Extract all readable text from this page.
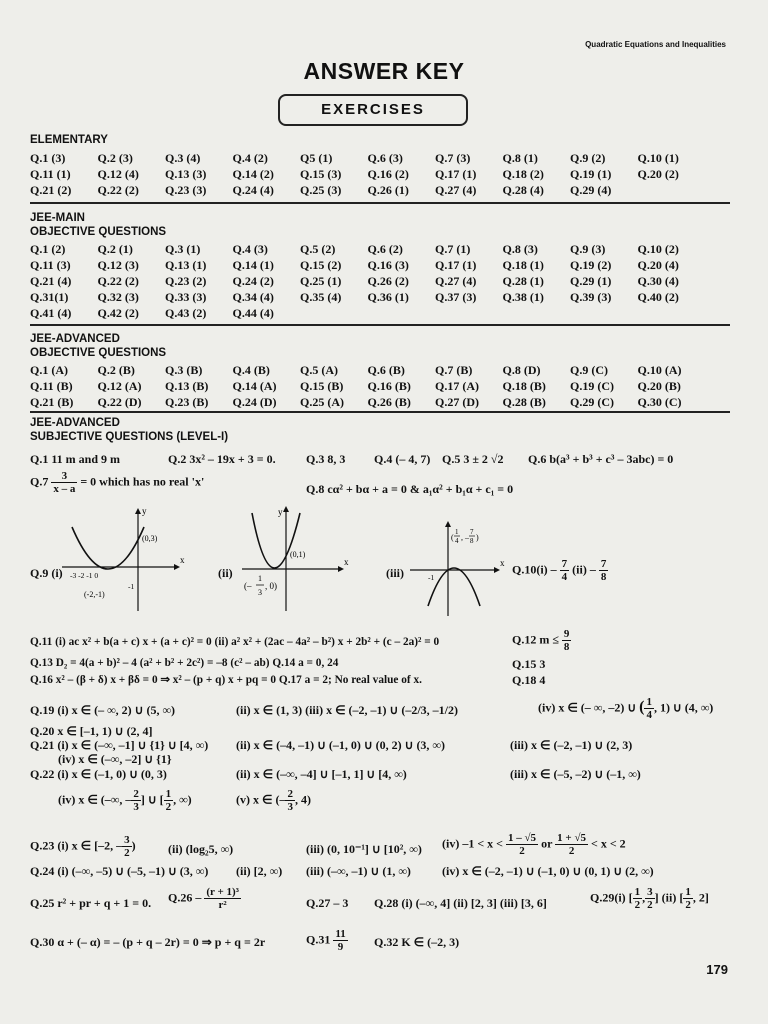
Quadratic Equations and Inequalities
ANSWER KEY
EXERCISES
ELEMENTARY
Q.1 (3)	Q.2 (3)	Q.3 (4)	Q.4 (2)	Q5 (1)	Q.6 (3)	Q.7 (3)	Q.8 (1)	Q.9 (2)	Q.10 (1)
Q.11 (1)	Q.12 (4)	Q.13 (3)	Q.14 (2)	Q.15 (3)	Q.16 (2)	Q.17 (1)	Q.18 (2)	Q.19 (1)	Q.20 (2)
Q.21 (2)	Q.22 (2)	Q.23 (3)	Q.24 (4)	Q.25 (3)	Q.26 (1)	Q.27 (4)	Q.28 (4)	Q.29 (4)
JEE-MAIN
OBJECTIVE QUESTIONS
Q.1 (2)	Q.2 (1)	Q.3 (1)	Q.4 (3)	Q.5 (2)	Q.6 (2)	Q.7 (1)	Q.8 (3)	Q.9 (3)	Q.10 (2)
Q.11 (3)	Q.12 (3)	Q.13 (1)	Q.14 (1)	Q.15 (2)	Q.16 (3)	Q.17 (1)	Q.18 (1)	Q.19 (2)	Q.20 (4)
Q.21 (4)	Q.22 (2)	Q.23 (2)	Q.24 (2)	Q.25 (1)	Q.26 (2)	Q.27 (4)	Q.28 (1)	Q.29 (1)	Q.30 (4)
Q.31(1)	Q.32 (3)	Q.33 (3)	Q.34 (4)	Q.35 (4)	Q.36 (1)	Q.37 (3)	Q.38 (1)	Q.39 (3)	Q.40 (2)
Q.41 (4)	Q.42 (2)	Q.43 (2)	Q.44 (4)
JEE-ADVANCED
OBJECTIVE QUESTIONS
Q.1 (A)	Q.2 (B)	Q.3 (B)	Q.4 (B)	Q.5 (A)	Q.6 (B)	Q.7 (B)	Q.8 (D)	Q.9 (C)	Q.10 (A)
Q.11 (B)	Q.12 (A)	Q.13 (B)	Q.14 (A)	Q.15 (B)	Q.16 (B)	Q.17 (A)	Q.18 (B)	Q.19 (C)	Q.20 (B)
Q.21 (B)	Q.22 (D)	Q.23 (B)	Q.24 (D)	Q.25 (A)	Q.26 (B)	Q.27 (D)	Q.28 (B)	Q.29 (C)	Q.30 (C)
JEE-ADVANCED
SUBJECTIVE QUESTIONS (LEVEL-I)
Q.1 11 m and 9 m	Q.2 3x² – 19x + 3 = 0.	Q.3 8, 3 Q.4 (– 4, 7) Q.5 3 ± 2 √2 Q.6 b(a³ + b³ + c³ – 3abc) = 0
$Q.7 \frac{3}{x - a} = 0$ which has no real 'x'
Q.8 cα² + bα + a = 0 & a₁α² + b₁α + c₁ = 0
Q.9 (i)
x
y
(0,3)
-3 -2 -1 0
-1
(-2,-1)
(ii)
x
y
(0,1)
(–
1
3
, 0)
(iii)
x
-1
(
1
4 , –
7
8 )
$Q.10(i) - \frac{7}{4} (ii) - \frac{7}{8}$
Q.11 (i) ac x² + b(a + c) x + (a + c)² = 0 (ii) a² x² + (2ac – 4a² – b²) x + 2b² + (c – 2a)² = 0	Q.12 $m \le \frac{9}{8}$
Q.13 D₂ = 4(a + b)² – 4 (a² + b² + 2c²) = –8 (c² – ab) Q.14 a = 0, 24	Q.15 3
Q.16 x² – (β + δ) x + βδ = 0 ⇒ x² – (p + q) x + pq = 0 Q.17 a = 2; No real value of x.	Q.18 4
Q.19 (i) x ∈ (– ∞, 2) ∪ (5, ∞)	(ii) x ∈ (1, 3) (iii) x ∈ (–2, –1) ∪ (–2/3, –1/2)	(iv) x ∈ (– ∞, –2) ∪ ( $\frac{1}{4}$ , 1) ∪ (4, ∞)
Q.20 x ∈ [–1, 1) ∪ (2, 4]
Q.21 (i) x ∈ (–∞, –1] ∪ {1} ∪ [4, ∞) (ii) x ∈ (–4, –1) ∪ (–1, 0) ∪ (0, 2) ∪ (3, ∞)	(iii) x ∈ (–2, –1) ∪ (2, 3)
(iv) x ∈ (–∞, –2] ∪ {1}
Q.22 (i) x ∈ (–1, 0) ∪ (0, 3)	(ii) x ∈ (–∞, –4] ∪ [–1, 1] ∪ [4, ∞)	(iii) x ∈ (–5, –2) ∪ (–1, ∞)
(iv) x ∈ (–∞, – $\frac{2}{3}$ ] ∪ [ $\frac{1}{2}$ , ∞)	(v) x ∈ (– $\frac{2}{3}$ , 4)
Q.23 (i) x ∈ [–2, – $\frac{3}{2}$ )	(ii) (log₂5, ∞)	(iii) (0, 10⁻¹] ∪ [10², ∞) (iv) $-1 < x < \frac{1 - √5}{2}$ or $\frac{1 + √5}{2} < x < 2$
Q.24 (i) (–∞, –5) ∪ (–5, –1) ∪ (3, ∞) (ii) [2, ∞) (iii) (–∞, –1) ∪ (1, ∞)	(iv) x ∈ (–2, –1) ∪ (–1, 0) ∪ (0, 1) ∪ (2, ∞)
Q.25 r² + pr + q + 1 = 0. $Q.26 - \frac{\text{(r + 1)³}}{\text{r²}}$	Q.27 – 3 Q.28 (i) (–∞, 4] (ii) [2, 3] (iii) [3, 6]	Q.29(i) [ $\frac{1}{2}$ , $\frac{3}{2}$ ] (ii) [ $\frac{1}{2}$ , 2]
Q.30 α + (– α) = – (p + q – 2r) = 0 ⇒ p + q = 2r	$Q.31 \frac{11}{9} Q.32$ K ∈ (–2, 3)
179
